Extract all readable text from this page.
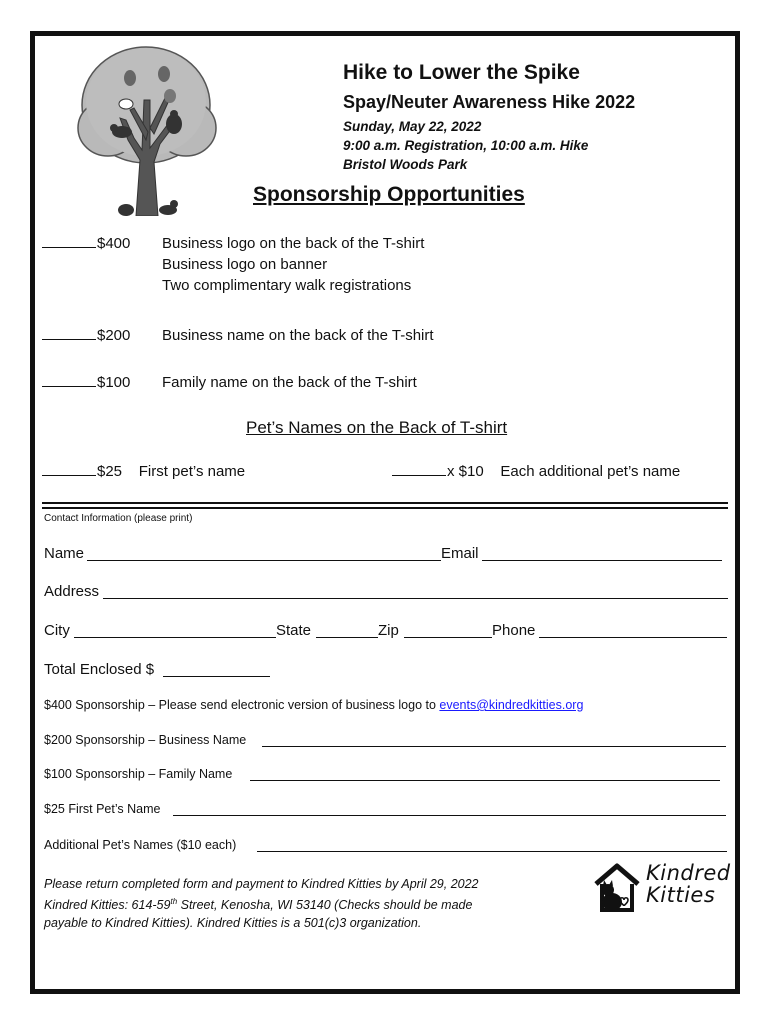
Hike to Lower the Spike
Spay/Neuter Awareness Hike 2022
Sunday, May 22, 2022
9:00 a.m. Registration, 10:00 a.m. Hike
Bristol Woods Park
Sponsorship Opportunities
$400 Business logo on the back of the T-shirt
Business logo on banner
Two complimentary walk registrations
$200 Business name on the back of the T-shirt
$100 Family name on the back of the T-shirt
Pet’s Names on the Back of T-shirt
$25 First pet’s name	x $10 Each additional pet’s name
Contact Information (please print)
Name	Email
Address
City	State	Zip	Phone
Total Enclosed $
$400 Sponsorship – Please send electronic version of business logo to events@kindredkitties.org
$200 Sponsorship – Business Name
$100 Sponsorship – Family Name
$25 First Pet’s Name
Additional Pet’s Names ($10 each)
Please return completed form and payment to Kindred Kitties by April 29, 2022
Kindred Kitties: 614-59th Street, Kenosha, WI 53140 (Checks should be made
payable to Kindred Kitties). Kindred Kitties is a 501(c)3 organization.
Kindred
Kitties
